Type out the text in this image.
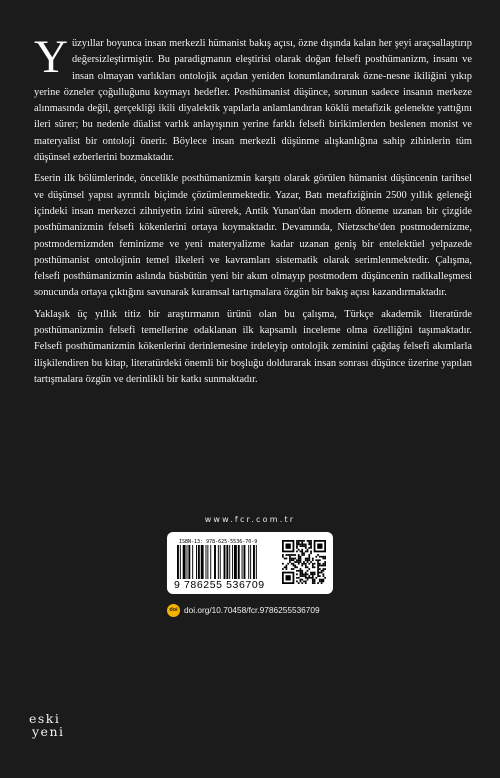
Yüzyıllar boyunca insan merkezli hümanist bakış açısı, özne dışında kalan her şeyi araçsallaştırıp değersizleştirmiştir. Bu paradigmanın eleştirisi olarak doğan felsefi posthümanizm, insanı ve insan olmayan varlıkları ontolojik açıdan yeniden konumlandırarak özne-nesne ikiliğini yıkıp yerine özneler çoğulluğunu koymayı hedefler. Posthümanist düşünce, sorunun sadece insanın merkeze alınmasında değil, gerçekliği ikili diyalektik yapılarla anlamlandıran köklü metafizik gelenekte yattığını ileri sürer; bu nedenle düalist varlık anlayışının yerine farklı felsefi birikimlerden beslenen monist ve materyalist bir ontoloji önerir. Böylece insan merkezli düşünme alışkanlığına sahip zihinlerin tüm düşünsel ezberlerini bozmaktadır.

Eserin ilk bölümlerinde, öncelikle posthümanizmin karşıtı olarak görülen hümanist düşüncenin tarihsel ve düşünsel yapısı ayrıntılı biçimde çözümlenmektedir. Yazar, Batı metafiziğinin 2500 yıllık geleneği içindeki insan merkezci zihniyetin izini sürerek, Antik Yunan'dan modern döneme uzanan bir çizgide posthümanizmin felsefi kökenlerini ortaya koymaktadır. Devamında, Nietzsche'den postmodernizme, postmodernizmden feminizme ve yeni materyalizme kadar uzanan geniş bir entelektüel yelpazede posthümanist ontolojinin temel ilkeleri ve kavramları sistematik olarak serimlenmektedir. Çalışma, felsefi posthümanizmin aslında büsbütün yeni bir akım olmayıp postmodern düşüncenin radikalleşmesi sonucunda ortaya çıktığını savunarak kuramsal tartışmalara özgün bir bakış açısı kazandırmaktadır.

Yaklaşık üç yıllık titiz bir araştırmanın ürünü olan bu çalışma, Türkçe akademik literatürde posthümanizmin felsefi temellerine odaklanan ilk kapsamlı inceleme olma özelliğini taşımaktadır. Felsefi posthümanizmin kökenlerini derinlemesine irdeleyip ontolojik zeminini çağdaş felsefi akımlarla ilişkilendiren bu kitap, literatürdeki önemli bir boşluğu doldurarak insan sonrası düşünce üzerine yapılan tartışmalara özgün ve derinlikli bir katkı sunmaktadır.

www.fcr.com.tr
ISBN-13: 978-625-5536-70-9
9 786255 536709
doi doi.org/10.70458/fcr.9786255536709
eski
yeni
